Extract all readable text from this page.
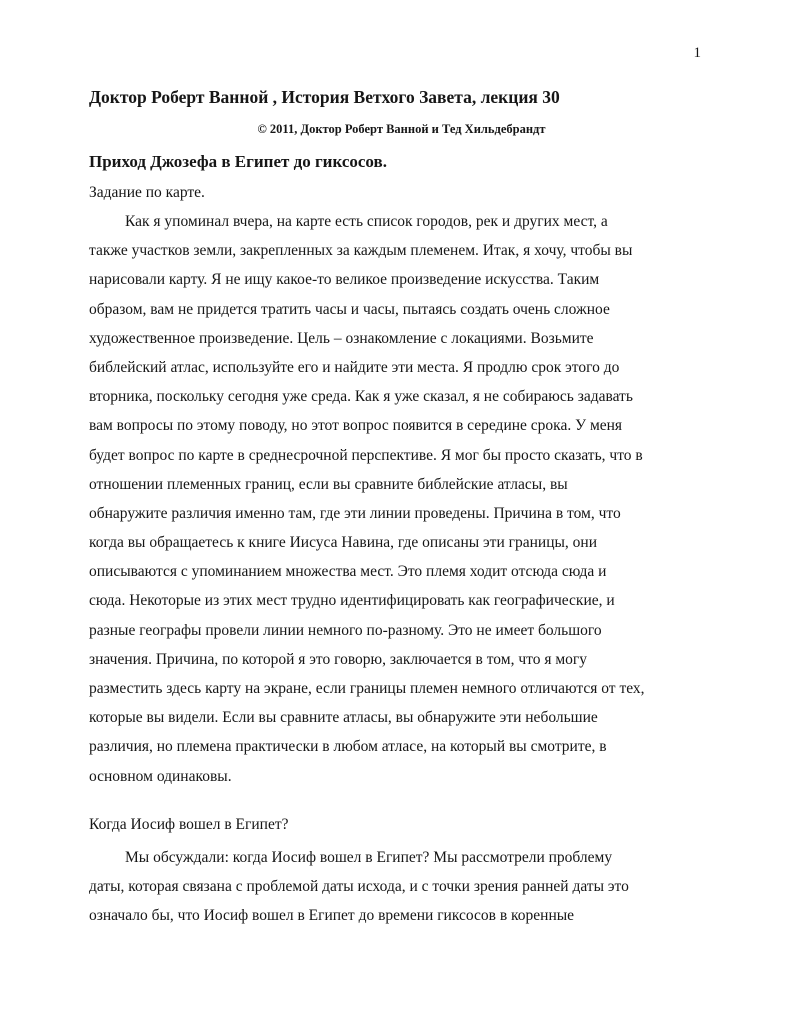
1
Доктор Роберт Ванной , История Ветхого Завета, лекция 30
© 2011, Доктор Роберт Ванной и Тед Хильдебрандт
Приход Джозефа в Египет до гиксосов.
Задание по карте.
Как я упоминал вчера, на карте есть список городов, рек и других мест, а
также участков земли, закрепленных за каждым племенем. Итак, я хочу, чтобы вы
нарисовали карту. Я не ищу какое-то великое произведение искусства. Таким
образом, вам не придется тратить часы и часы, пытаясь создать очень сложное
художественное произведение. Цель – ознакомление с локациями. Возьмите
библейский атлас, используйте его и найдите эти места. Я продлю срок этого до
вторника, поскольку сегодня уже среда. Как я уже сказал, я не собираюсь задавать
вам вопросы по этому поводу, но этот вопрос появится в середине срока. У меня
будет вопрос по карте в среднесрочной перспективе. Я мог бы просто сказать, что в
отношении племенных границ, если вы сравните библейские атласы, вы
обнаружите различия именно там, где эти линии проведены. Причина в том, что
когда вы обращаетесь к книге Иисуса Навина, где описаны эти границы, они
описываются с упоминанием множества мест. Это племя ходит отсюда сюда и
сюда. Некоторые из этих мест трудно идентифицировать как географические, и
разные географы провели линии немного по-разному. Это не имеет большого
значения. Причина, по которой я это говорю, заключается в том, что я могу
разместить здесь карту на экране, если границы племен немного отличаются от тех,
которые вы видели. Если вы сравните атласы, вы обнаружите эти небольшие
различия, но племена практически в любом атласе, на который вы смотрите, в
основном одинаковы.
Когда Иосиф вошел в Египет?
Мы обсуждали: когда Иосиф вошел в Египет? Мы рассмотрели проблему
даты, которая связана с проблемой даты исхода, и с точки зрения ранней даты это
означало бы, что Иосиф вошел в Египет до времени гиксосов в коренные
